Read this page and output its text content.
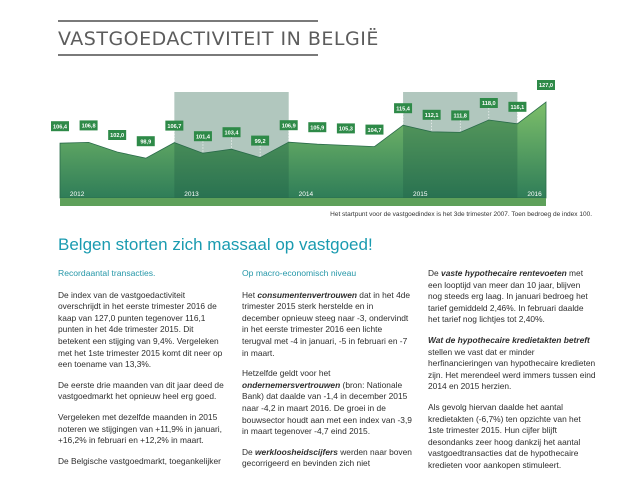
VASTGOEDACTIVITEIT IN BELGIË
2012	2013	2014	2015	2016
106,4	106,8
102,0
98,9
106,7
101,4
103,4
99,2
106,9	105,9	105,3	104,7
115,4
112,1	111,8
118,0
116,1
127,0
Het startpunt voor de vastgoedindex is het 3de trimester 2007. Toen bedroeg de index 100.
Belgen storten zich massaal op vastgoed!

Recordaantal transacties.

De index van de vastgoedactiviteit overschrijdt in het eerste trimester 2016 de kaap van 127,0 punten tegenover 116,1 punten in het 4de trimester 2015. Dit betekent een stijging van 9,4%. Vergeleken met het 1ste trimester 2015 komt dit neer op een toename van 13,3%.

De eerste drie maanden van dit jaar deed de vastgoedmarkt het opnieuw heel erg goed.

Vergeleken met dezelfde maanden in 2015 noteren we stijgingen van +11,9% in januari, +16,2% in februari en +12,2% in maart.

De Belgische vastgoedmarkt, toegankelijker

Op macro-economisch niveau

Het consumentenvertrouwen dat in het 4de trimester 2015 sterk herstelde en in december opnieuw steeg naar -3, ondervindt in het eerste trimester 2016 een lichte terugval met -4 in januari, -5 in februari en -7 in maart.

Hetzelfde geldt voor het ondernemersvertrouwen (bron: Nationale Bank) dat daalde van -1,4 in december 2015 naar -4,2 in maart 2016. De groei in de bouwsector houdt aan met een index van -3,9 in maart tegenover -4,7 eind 2015.

De werkloosheidscijfers werden naar boven gecorrigeerd en bevinden zich niet

De vaste hypothecaire rentevoeten met een looptijd van meer dan 10 jaar, blijven nog steeds erg laag. In januari bedroeg het tarief gemiddeld 2,46%. In februari daalde het tarief nog lichtjes tot 2,40%.

Wat de hypothecaire kredietakten betreft stellen we vast dat er minder herfinancieringen van hypothecaire kredieten zijn. Het merendeel werd immers tussen eind 2014 en 2015 herzien.

Als gevolg hiervan daalde het aantal kredietakten (-6,7%) ten opzichte van het 1ste trimester 2015. Hun cijfer blijft desondanks zeer hoog dankzij het aantal vastgoedtransacties dat de hypothecaire kredieten voor aankopen stimuleert.
